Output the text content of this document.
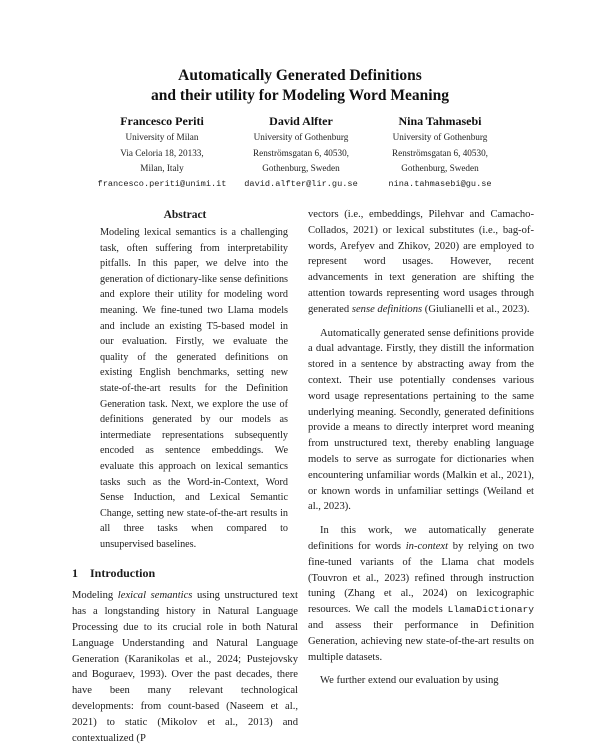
Automatically Generated Definitions
and their utility for Modeling Word Meaning
Francesco Periti
University of Milan
Via Celoria 18, 20133,
Milan, Italy
francesco.periti@unimi.it
David Alfter
University of Gothenburg
Renströmsgatan 6, 40530,
Gothenburg, Sweden
david.alfter@lir.gu.se
Nina Tahmasebi
University of Gothenburg
Renströmsgatan 6, 40530,
Gothenburg, Sweden
nina.tahmasebi@gu.se
Abstract

Modeling lexical semantics is a challenging task, often suffering from interpretability pitfalls. In this paper, we delve into the generation of dictionary-like sense definitions and explore their utility for modeling word meaning. We fine-tuned two Llama models and include an existing T5-based model in our evaluation. Firstly, we evaluate the quality of the generated definitions on existing English benchmarks, setting new state-of-the-art results for the Definition Generation task. Next, we explore the use of definitions generated by our models as intermediate representations subsequently encoded as sentence embeddings. We evaluate this approach on lexical semantics tasks such as the Word-in-Context, Word Sense Induction, and Lexical Semantic Change, setting new state-of-the-art results in all three tasks when compared to unsupervised baselines.

1 Introduction

Modeling lexical semantics using unstructured text has a longstanding history in Natural Language Processing due to its crucial role in both Natural Language Understanding and Natural Language Generation (Karanikolas et al., 2024; Pustejovsky and Boguraev, 1993). Over the past decades, there have been many relevant technological developments: from count-based (Naseem et al., 2021) to static (Mikolov et al., 2013) and contextualized (P

vectors (i.e., embeddings, Pilehvar and Camacho-Collados, 2021) or lexical substitutes (i.e., bag-of-words, Arefyev and Zhikov, 2020) are employed to represent word usages. However, recent advancements in text generation are shifting the attention towards representing word usages through generated sense definitions (Giulianelli et al., 2023).

Automatically generated sense definitions provide a dual advantage. Firstly, they distill the information stored in a sentence by abstracting away from the context. Their use potentially condenses various word usage representations pertaining to the same underlying meaning. Secondly, generated definitions provide a means to directly interpret word meaning from unstructured text, thereby enabling language models to serve as surrogate for dictionaries when encountering unfamiliar words (Malkin et al., 2021), or known words in unfamiliar settings (Weiland et al., 2023).

In this work, we automatically generate definitions for words in-context by relying on two fine-tuned variants of the Llama chat models (Touvron et al., 2023) refined through instruction tuning (Zhang et al., 2024) on lexicographic resources. We call the models LlamaDictionary and assess their performance in Definition Generation, achieving new state-of-the-art results on multiple datasets.

We further extend our evaluation by using
